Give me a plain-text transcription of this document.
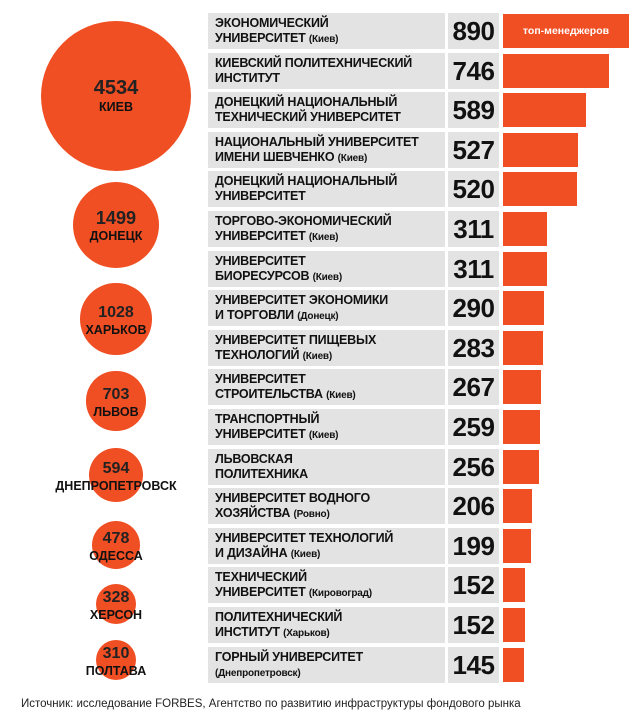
4534
КИЕВ
1499
ДОНЕЦК
1028
ХАРЬКОВ
703
ЛЬВОВ
594
ДНЕПРОПЕТРОВСК
478
ОДЕССА
328
ХЕРСОН
310
ПОЛТАВА
ЭКОНОМИЧЕСКИЙ
УНИВЕРСИТЕТ (Киев)	890	топ-менеджеров
КИЕВСКИЙ ПОЛИТЕХНИЧЕСКИЙ
ИНСТИТУТ	746
ДОНЕЦКИЙ НАЦИОНАЛЬНЫЙ
ТЕХНИЧЕСКИЙ УНИВЕРСИТЕТ	589
НАЦИОНАЛЬНЫЙ УНИВЕРСИТЕТ
ИМЕНИ ШЕВЧЕНКО (Киев)	527
ДОНЕЦКИЙ НАЦИОНАЛЬНЫЙ
УНИВЕРСИТЕТ	520
ТОРГОВО-ЭКОНОМИЧЕСКИЙ
УНИВЕРСИТЕТ (Киев)	311
УНИВЕРСИТЕТ
БИОРЕСУРСОВ (Киев)	311
УНИВЕРСИТЕТ ЭКОНОМИКИ
И ТОРГОВЛИ (Донецк)	290
УНИВЕРСИТЕТ ПИЩЕВЫХ
ТЕХНОЛОГИЙ (Киев)	283
УНИВЕРСИТЕТ
СТРОИТЕЛЬСТВА (Киев)	267
ТРАНСПОРТНЫЙ
УНИВЕРСИТЕТ (Киев)	259
ЛЬВОВСКАЯ
ПОЛИТЕХНИКА	256
УНИВЕРСИТЕТ ВОДНОГО
ХОЗЯЙСТВА (Ровно)	206
УНИВЕРСИТЕТ ТЕХНОЛОГИЙ
И ДИЗАЙНА (Киев)	199
ТЕХНИЧЕСКИЙ
УНИВЕРСИТЕТ (Кировоград)	152
ПОЛИТЕХНИЧЕСКИЙ
ИНСТИТУТ (Харьков)	152
ГОРНЫЙ УНИВЕРСИТЕТ
(Днепропетровск)	145
Источник: исследование FORBES, Агентство по развитию инфраструктуры фондового рынка
